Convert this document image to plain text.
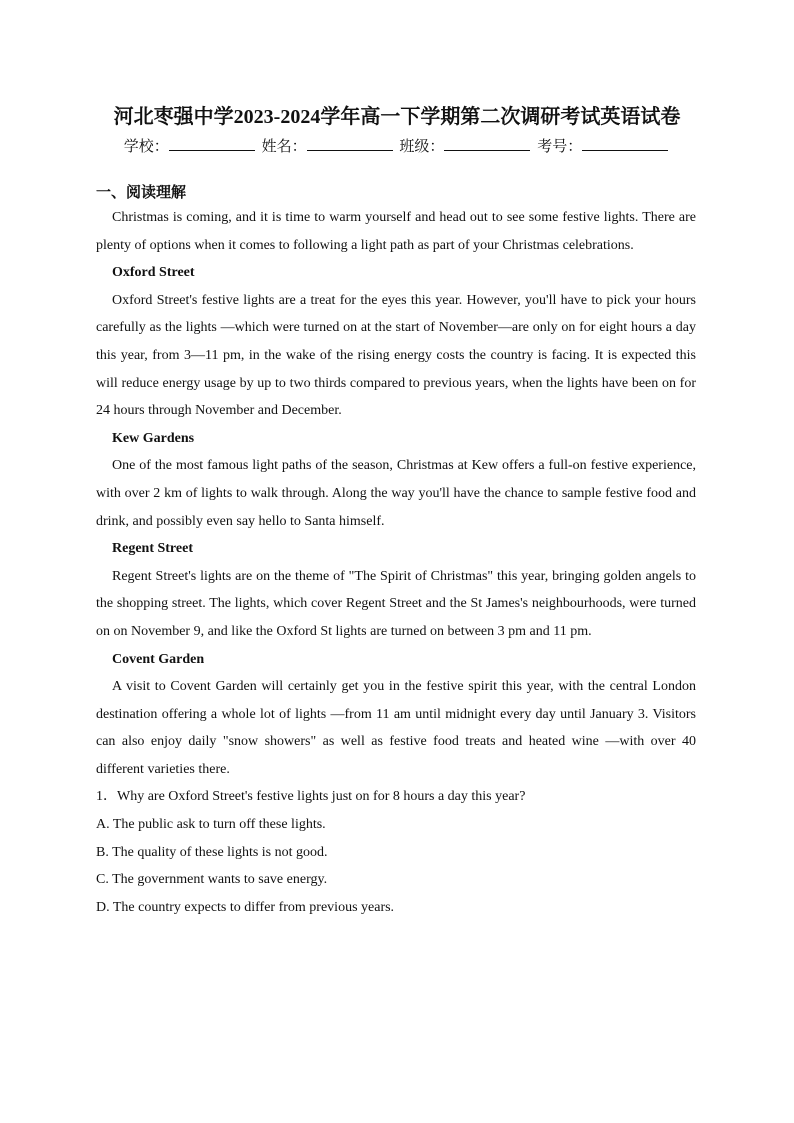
河北枣强中学2023-2024学年高一下学期第二次调研考试英语试卷
学校：	姓名：	班级：	考号：

一、阅读理解

Christmas is coming, and it is time to warm yourself and head out to see some festive lights. There are plenty of options when it comes to following a light path as part of your Christmas celebrations.

Oxford Street

Oxford Street's festive lights are a treat for the eyes this year. However, you'll have to pick your hours carefully as the lights —which were turned on at the start of November—are only on for eight hours a day this year, from 3—11 pm, in the wake of the rising energy costs the country is facing. It is expected this will reduce energy usage by up to two thirds compared to previous years, when the lights have been on for 24 hours through November and December.

Kew Gardens

One of the most famous light paths of the season, Christmas at Kew offers a full-on festive experience, with over 2 km of lights to walk through. Along the way you'll have the chance to sample festive food and drink, and possibly even say hello to Santa himself.

Regent Street

Regent Street's lights are on the theme of "The Spirit of Christmas" this year, bringing golden angels to the shopping street. The lights, which cover Regent Street and the St James's neighbourhoods, were turned on on November 9, and like the Oxford St lights are turned on between 3 pm and 11 pm.

Covent Garden

A visit to Covent Garden will certainly get you in the festive spirit this year, with the central London destination offering a whole lot of lights —from 11 am until midnight every day until January 3. Visitors can also enjoy daily "snow showers" as well as festive food treats and heated wine —with over 40 different varieties there.

1．Why are Oxford Street's festive lights just on for 8 hours a day this year?

A. The public ask to turn off these lights.

B. The quality of these lights is not good.

C. The government wants to save energy.

D. The country expects to differ from previous years.
